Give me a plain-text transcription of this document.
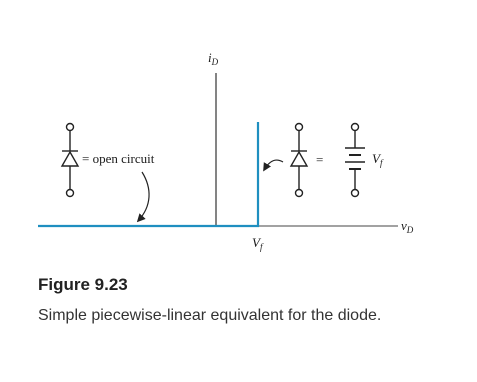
$i_D$
$v_D$
$V_f$
= open circuit	=	$V_f$
Figure 9.23
Simple piecewise-linear equivalent for the diode.
